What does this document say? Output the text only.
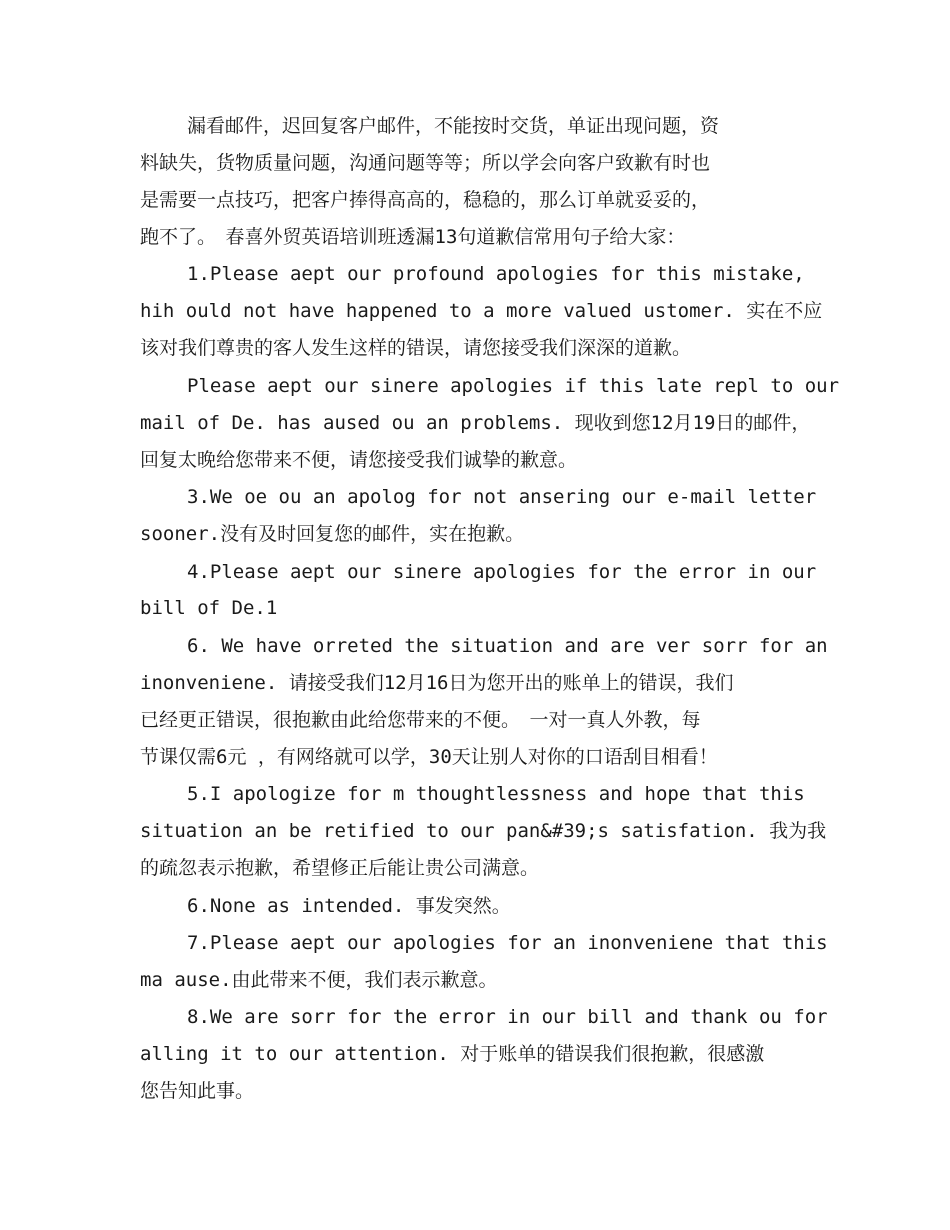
漏看邮件，迟回复客户邮件，不能按时交货，单证出现问题，资
料缺失，货物质量问题，沟通问题等等；所以学会向客户致歉有时也
是需要一点技巧，把客户捧得高高的，稳稳的，那么订单就妥妥的，
跑不了。　春喜外贸英语培训班透漏13句道歉信常用句子给大家：
1.Please aept our profound apologies for this mistake,
hih ould not have happened to a more valued ustomer. 实在不应
该对我们尊贵的客人发生这样的错误，请您接受我们深深的道歉。
Please aept our sinere apologies if this late repl to our
mail of De. has aused ou an problems. 现收到您12月19日的邮件，
回复太晚给您带来不便，请您接受我们诚挚的歉意。
3.We oe ou an apolog for not ansering our e-mail letter
sooner.没有及时回复您的邮件，实在抱歉。
4.Please aept our sinere apologies for the error in our
bill of De.1
6. We have orreted the situation and are ver sorr for an
inonveniene. 请接受我们12月16日为您开出的账单上的错误，我们
已经更正错误，很抱歉由此给您带来的不便。　一对一真人外教，每
节课仅需6元 ，有网络就可以学，30天让别人对你的口语刮目相看！
5.I apologize for m thoughtlessness and hope that this
situation an be retified to our pan&#39;s satisfation. 我为我
的疏忽表示抱歉，希望修正后能让贵公司满意。
6.None as intended. 事发突然。
7.Please aept our apologies for an inonveniene that this
ma ause.由此带来不便，我们表示歉意。
8.We are sorr for the error in our bill and thank ou for
alling it to our attention. 对于账单的错误我们很抱歉，很感激
您告知此事。
